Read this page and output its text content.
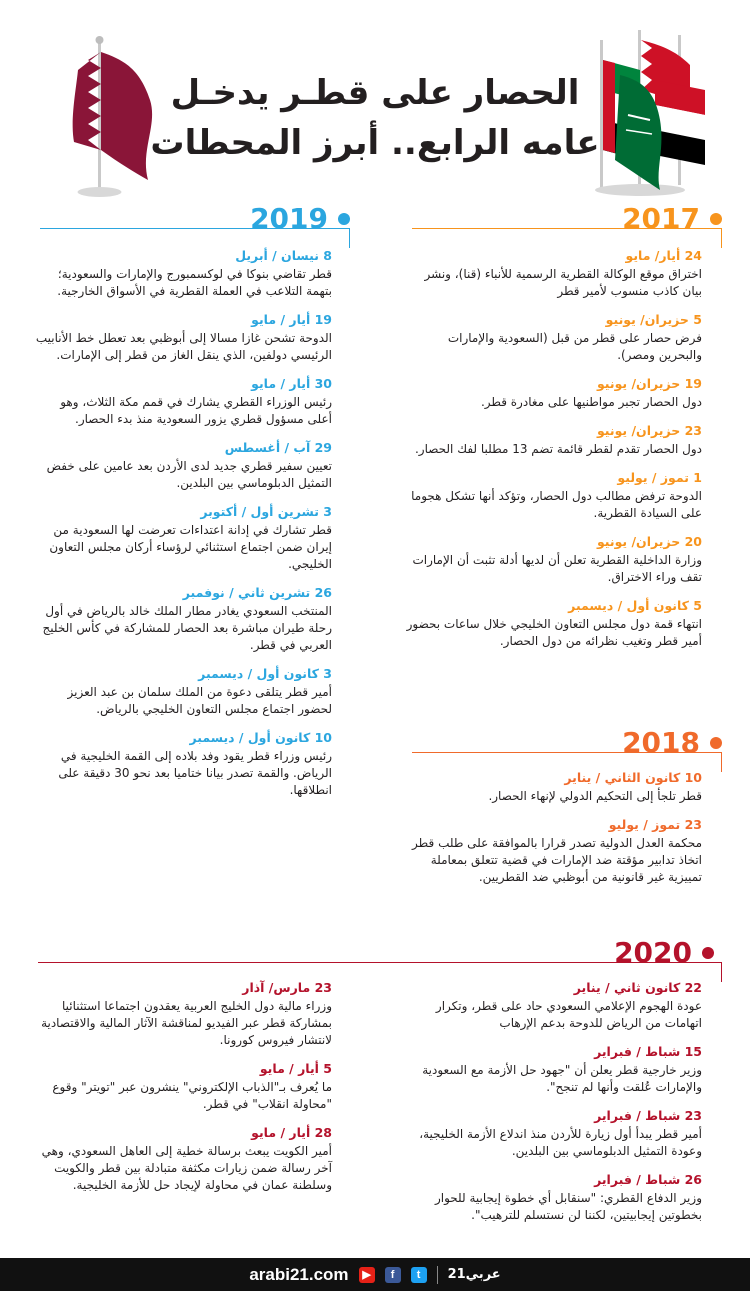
الحصار على قطـر يدخـل
عامه الرابع.. أبرز المحطات
2017
2019
2018
2020
24 أيار/ مايو
اختراق موقع الوكالة القطرية الرسمية للأنباء (قنا)، ونشر بيان كاذب منسوب لأمير قطر
5 حزيران/ يونيو
فرض حصار على قطر من قبل (السعودية والإمارات والبحرين ومصر).
19 حزيران/ يونيو
دول الحصار تجبر مواطنيها على مغادرة قطر.
23 حزيران/ يونيو
دول الحصار تقدم لقطر قائمة تضم 13 مطلبا لفك الحصار.
1 تموز / يوليو
الدوحة ترفض مطالب دول الحصار، وتؤكد أنها تشكل هجوما على السيادة القطرية.
20 حزيران/ يونيو
وزارة الداخلية القطرية تعلن أن لديها أدلة تثبت أن الإمارات تقف وراء الاختراق.
5 كانون أول / ديسمبر
انتهاء قمة دول مجلس التعاون الخليجي خلال ساعات بحضور أمير قطر وتغيب نظرائه من دول الحصار.
8 نيسان / أبريل
قطر تقاضي بنوكا في لوكسمبورج والإمارات والسعودية؛ بتهمة التلاعب في العملة القطرية في الأسواق الخارجية.
19 أيار / مايو
الدوحة تشحن غازا مسالا إلى أبوظبي بعد تعطل خط الأنابيب الرئيسي دولفين، الذي ينقل الغاز من قطر إلى الإمارات.
30 أيار / مايو
رئيس الوزراء القطري يشارك في قمم مكة الثلاث، وهو أعلى مسؤول قطري يزور السعودية منذ بدء الحصار.
29 آب / أغسطس
تعيين سفير قطري جديد لدى الأردن بعد عامين على خفض التمثيل الدبلوماسي بين البلدين.
3 تشرين أول / أكتوبر
قطر تشارك في إدانة اعتداءات تعرضت لها السعودية من إيران ضمن اجتماع استثنائي لرؤساء أركان مجلس التعاون الخليجي.
26 تشرين ثاني / نوفمبر
المنتخب السعودي يغادر مطار الملك خالد بالرياض في أول رحلة طيران مباشرة بعد الحصار للمشاركة في كأس الخليج العربي في قطر.
3 كانون أول / ديسمبر
أمير قطر يتلقى دعوة من الملك سلمان بن عبد العزيز لحضور اجتماع مجلس التعاون الخليجي بالرياض.
10 كانون أول / ديسمبر
رئيس وزراء قطر يقود وفد بلاده إلى القمة الخليجية في الرياض. والقمة تصدر بيانا ختاميا بعد نحو 30 دقيقة على انطلاقها.
10 كانون الثاني / يناير
قطر تلجأ إلى التحكيم الدولي لإنهاء الحصار.
23 تموز / يوليو
محكمة العدل الدولية تصدر قرارا بالموافقة على طلب قطر اتخاذ تدابير مؤقتة ضد الإمارات في قضية تتعلق بمعاملة تمييزية غير قانونية من أبوظبي ضد القطريين.
22 كانون ثاني / يناير
عودة الهجوم الإعلامي السعودي حاد على قطر، وتكرار اتهامات من الرياض للدوحة بدعم الإرهاب
15 شباط / فبراير
وزير خارجية قطر يعلن أن "جهود حل الأزمة مع السعودية والإمارات عُلقت وأنها لم تنجح".
23 شباط / فبراير
أمير قطر يبدأ أول زيارة للأردن منذ اندلاع الأزمة الخليجية، وعودة التمثيل الدبلوماسي بين البلدين.
26 شباط / فبراير
وزير الدفاع القطري: "سنقابل أي خطوة إيجابية للحوار بخطوتين إيجابيتين، لكننا لن نستسلم للترهيب".
23 مارس/ آذار
وزراء مالية دول الخليج العربية يعقدون اجتماعا استثنائيا بمشاركة قطر عبر الفيديو لمناقشة الآثار المالية والاقتصادية لانتشار فيروس كورونا.
5 أيار / مايو
ما يُعرف بـ"الذباب الإلكتروني" ينشرون عبر "تويتر" وقوع "محاولة انقلاب" في قطر.
28 أيار / مايو
أمير الكويت يبعث برسالة خطية إلى العاهل السعودي، وهي آخر رسالة ضمن زيارات مكثفة متبادلة بين قطر والكويت وسلطنة عمان في محاولة لإيجاد حل للأزمة الخليجية.
arabi21.com	▶	f	t	عربي21
